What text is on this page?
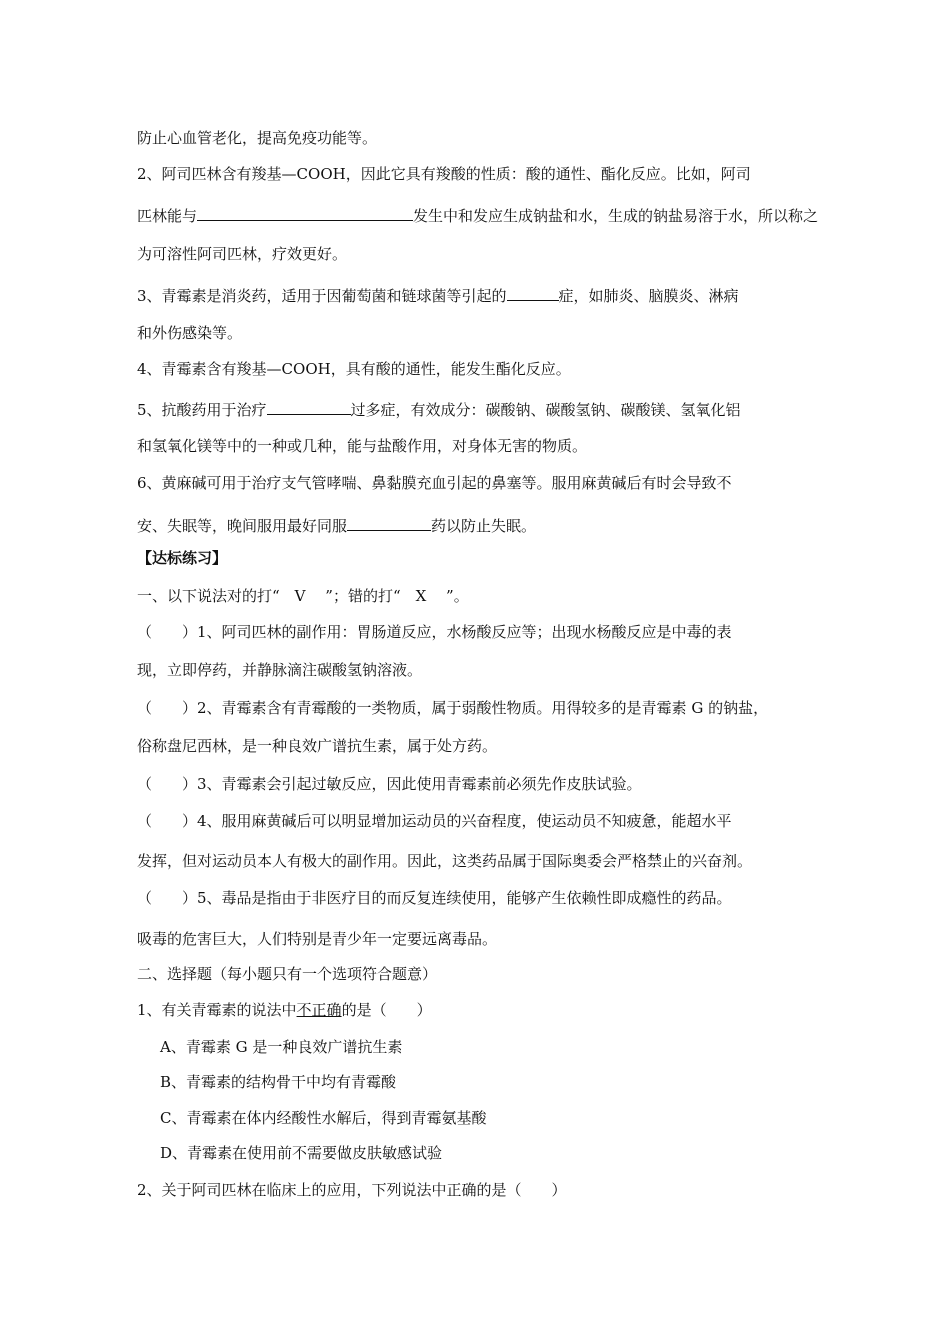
防止心血管老化，提高免疫功能等。
2、阿司匹林含有羧基—COOH，因此它具有羧酸的性质：酸的通性、酯化反应。比如，阿司
匹林能与	发生中和发应生成钠盐和水，生成的钠盐易溶于水，所以称之
为可溶性阿司匹林，疗效更好。
3、青霉素是消炎药，适用于因葡萄菌和链球菌等引起的	症，如肺炎、脑膜炎、淋病
和外伤感染等。
4、青霉素含有羧基—COOH，具有酸的通性，能发生酯化反应。
5、抗酸药用于治疗	过多症，有效成分：碳酸钠、碳酸氢钠、碳酸镁、氢氧化铝
和氢氧化镁等中的一种或几种，能与盐酸作用，对身体无害的物质。
6、黄麻碱可用于治疗支气管哮喘、鼻黏膜充血引起的鼻塞等。服用麻黄碱后有时会导致不
安、失眠等，晚间服用最好同服	药以防止失眠。
【达标练习】
一、以下说法对的打“　V　 ”；错的打“　X　 ”。
（　　）1、阿司匹林的副作用：胃肠道反应，水杨酸反应等；出现水杨酸反应是中毒的表
现，立即停药，并静脉滴注碳酸氢钠溶液。
（　　）2、青霉素含有青霉酸的一类物质，属于弱酸性物质。用得较多的是青霉素 G 的钠盐，
俗称盘尼西林，是一种良效广谱抗生素，属于处方药。
（　　）3、青霉素会引起过敏反应，因此使用青霉素前必须先作皮肤试验。
（　　）4、服用麻黄碱后可以明显增加运动员的兴奋程度，使运动员不知疲惫，能超水平
发挥，但对运动员本人有极大的副作用。因此，这类药品属于国际奥委会严格禁止的兴奋剂。
（　　）5、毒品是指由于非医疗目的而反复连续使用，能够产生依赖性即成瘾性的药品。
吸毒的危害巨大，人们特别是青少年一定要远离毒品。
二、选择题（每小题只有一个选项符合题意）
1、有关青霉素的说法中不正确的是（　　）
A、青霉素 G 是一种良效广谱抗生素
B、青霉素的结构骨干中均有青霉酸
C、青霉素在体内经酸性水解后，得到青霉氨基酸
D、青霉素在使用前不需要做皮肤敏感试验
2、关于阿司匹林在临床上的应用，下列说法中正确的是（　　）
